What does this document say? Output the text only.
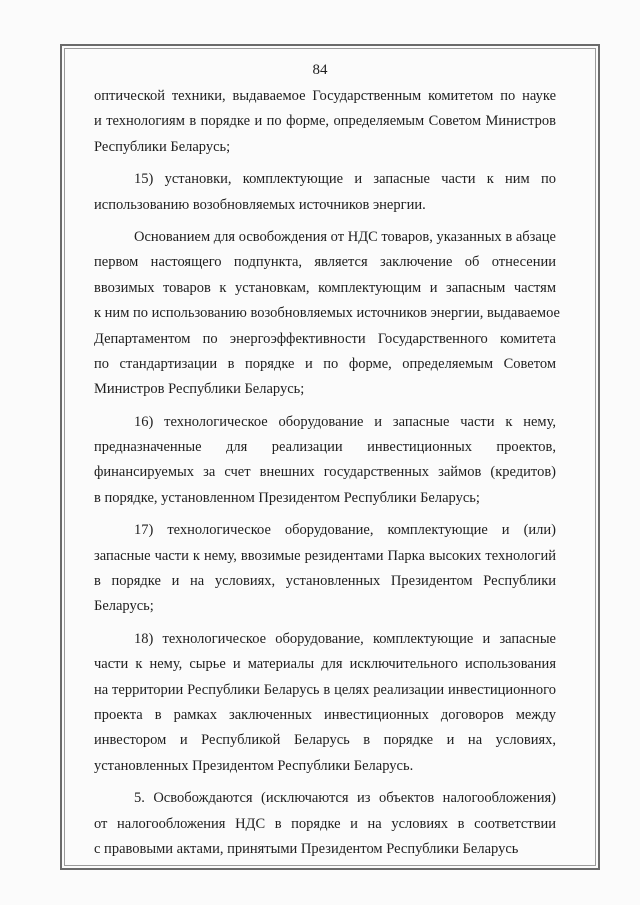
84
оптической техники, выдаваемое Государственным комитетом по науке
и технологиям в порядке и по форме, определяемым Советом Министров
Республики Беларусь;
15) установки, комплектующие и запасные части к ним по
использованию возобновляемых источников энергии.
Основанием для освобождения от НДС товаров, указанных в абзаце
первом настоящего подпункта, является заключение об отнесении
ввозимых товаров к установкам, комплектующим и запасным частям
к ним по использованию возобновляемых источников энергии, выдаваемое
Департаментом по энергоэффективности Государственного комитета
по стандартизации в порядке и по форме, определяемым Советом
Министров Республики Беларусь;
16) технологическое оборудование и запасные части к нему,
предназначенные для реализации инвестиционных проектов,
финансируемых за счет внешних государственных займов (кредитов)
в порядке, установленном Президентом Республики Беларусь;
17) технологическое оборудование, комплектующие и (или)
запасные части к нему, ввозимые резидентами Парка высоких технологий
в порядке и на условиях, установленных Президентом Республики
Беларусь;
18) технологическое оборудование, комплектующие и запасные
части к нему, сырье и материалы для исключительного использования
на территории Республики Беларусь в целях реализации инвестиционного
проекта в рамках заключенных инвестиционных договоров между
инвестором и Республикой Беларусь в порядке и на условиях,
установленных Президентом Республики Беларусь.
5. Освобождаются (исключаются из объектов налогообложения)
от налогообложения НДС в порядке и на условиях в соответствии
с правовыми актами, принятыми Президентом Республики Беларусь
